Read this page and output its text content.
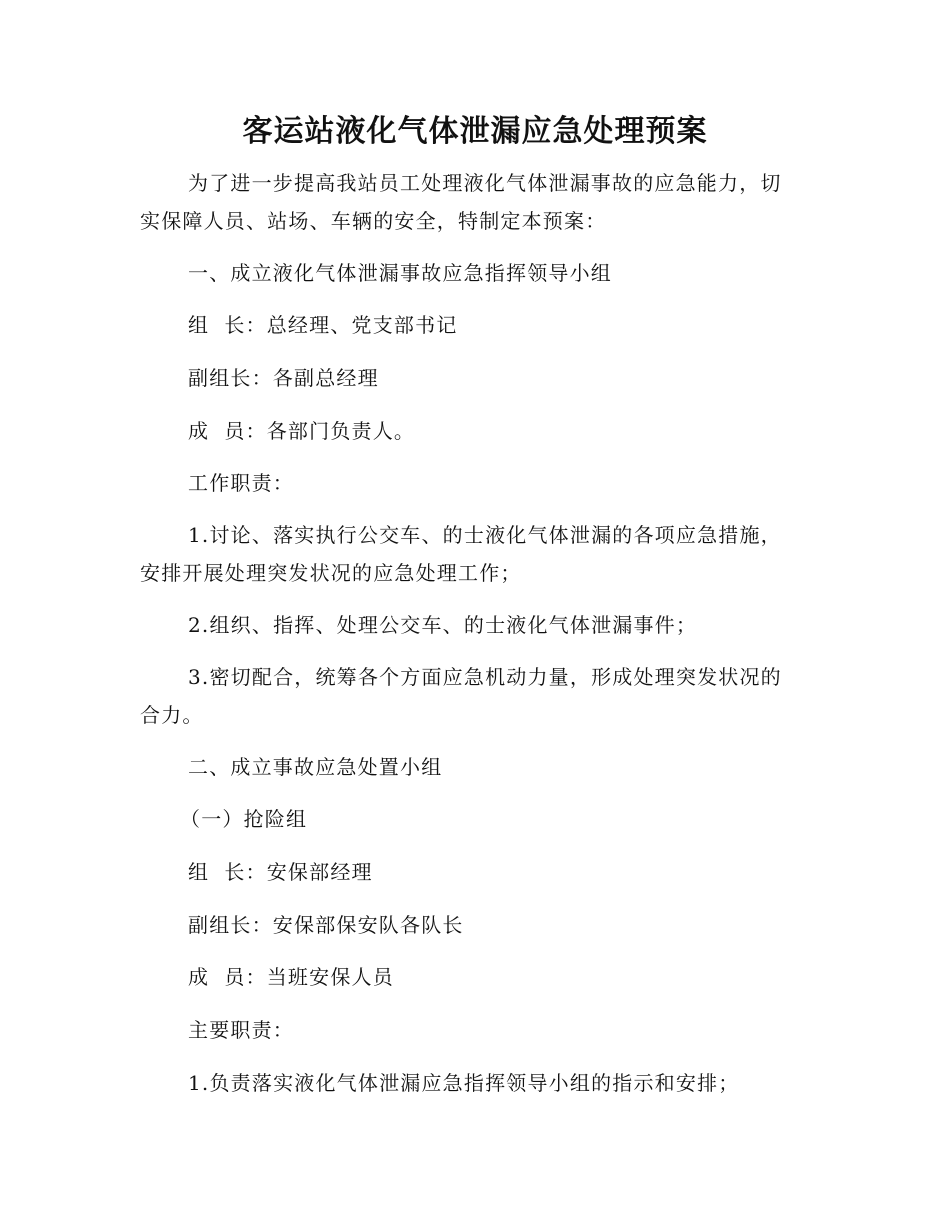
客运站液化气体泄漏应急处理预案
为了进一步提高我站员工处理液化气体泄漏事故的应急能力，切
实保障人员、站场、车辆的安全，特制定本预案：
一、成立液化气体泄漏事故应急指挥领导小组
组  长：总经理、党支部书记
副组长：各副总经理
成  员：各部门负责人。
工作职责：
1.讨论、落实执行公交车、的士液化气体泄漏的各项应急措施，
安排开展处理突发状况的应急处理工作；
2.组织、指挥、处理公交车、的士液化气体泄漏事件；
3.密切配合，统筹各个方面应急机动力量，形成处理突发状况的
合力。
二、成立事故应急处置小组
（一）抢险组
组  长：安保部经理
副组长：安保部保安队各队长
成  员：当班安保人员
主要职责：
1.负责落实液化气体泄漏应急指挥领导小组的指示和安排；
